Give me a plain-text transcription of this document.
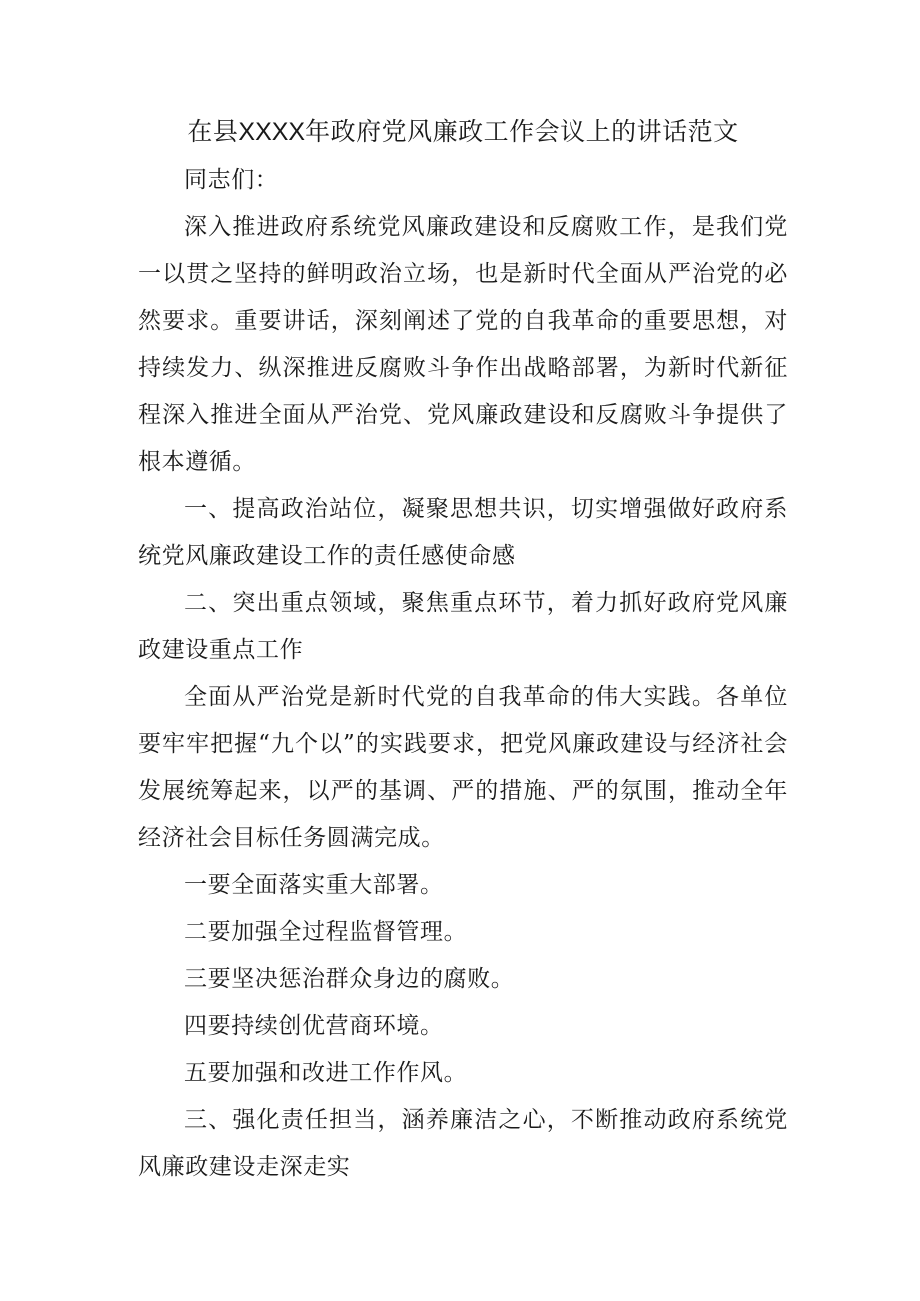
在县XXXX年政府党风廉政工作会议上的讲话范文

同志们：

深入推进政府系统党风廉政建设和反腐败工作，是我们党一以贯之坚持的鲜明政治立场，也是新时代全面从严治党的必然要求。重要讲话，深刻阐述了党的自我革命的重要思想，对持续发力、纵深推进反腐败斗争作出战略部署，为新时代新征程深入推进全面从严治党、党风廉政建设和反腐败斗争提供了根本遵循。

一、提高政治站位，凝聚思想共识，切实增强做好政府系统党风廉政建设工作的责任感使命感

二、突出重点领域，聚焦重点环节，着力抓好政府党风廉政建设重点工作

全面从严治党是新时代党的自我革命的伟大实践。各单位要牢牢把握“九个以”的实践要求，把党风廉政建设与经济社会发展统筹起来，以严的基调、严的措施、严的氛围，推动全年经济社会目标任务圆满完成。

一要全面落实重大部署。

二要加强全过程监督管理。

三要坚决惩治群众身边的腐败。

四要持续创优营商环境。

五要加强和改进工作作风。

三、强化责任担当，涵养廉洁之心，不断推动政府系统党风廉政建设走深走实
